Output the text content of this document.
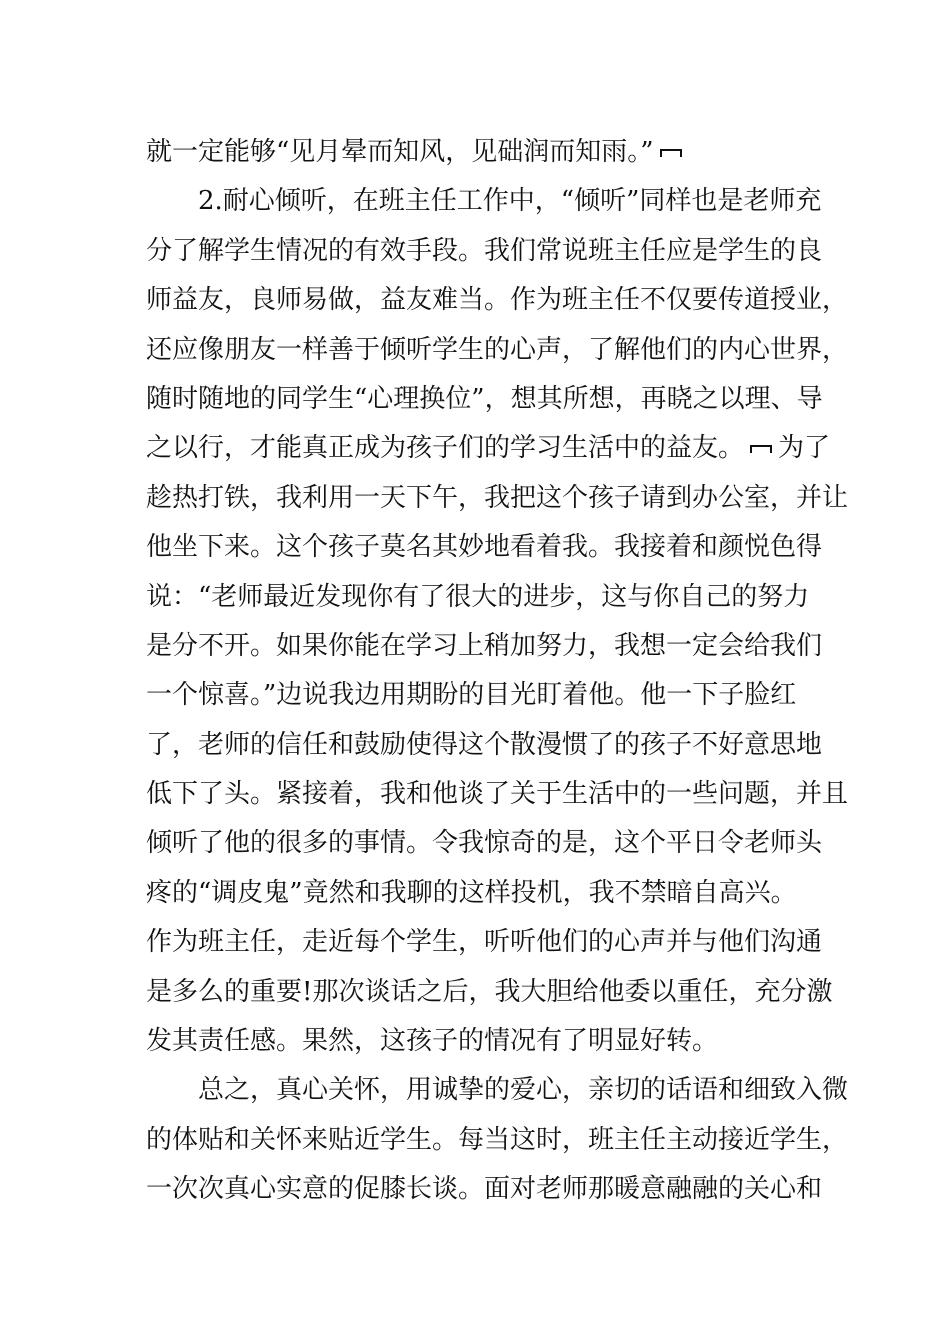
就一定能够“见月晕而知风，见础润而知雨。”
2.耐心倾听，在班主任工作中，“倾听”同样也是老师充
分了解学生情况的有效手段。我们常说班主任应是学生的良
师益友，良师易做，益友难当。作为班主任不仅要传道授业，
还应像朋友一样善于倾听学生的心声，了解他们的内心世界，
随时随地的同学生“心理换位”，想其所想，再晓之以理、导
之以行，才能真正成为孩子们的学习生活中的益友。 为了
趁热打铁，我利用一天下午，我把这个孩子请到办公室，并让
他坐下来。这个孩子莫名其妙地看着我。我接着和颜悦色得
说：“老师最近发现你有了很大的进步，这与你自己的努力
是分不开。如果你能在学习上稍加努力，我想一定会给我们
一个惊喜。”边说我边用期盼的目光盯着他。他一下子脸红
了，老师的信任和鼓励使得这个散漫惯了的孩子不好意思地
低下了头。紧接着，我和他谈了关于生活中的一些问题，并且
倾听了他的很多的事情。令我惊奇的是，这个平日令老师头
疼的“调皮鬼”竟然和我聊的这样投机，我不禁暗自高兴。
作为班主任，走近每个学生，听听他们的心声并与他们沟通
是多么的重要!那次谈话之后，我大胆给他委以重任，充分激
发其责任感。果然，这孩子的情况有了明显好转。
总之，真心关怀，用诚挚的爱心，亲切的话语和细致入微
的体贴和关怀来贴近学生。每当这时，班主任主动接近学生，
一次次真心实意的促膝长谈。面对老师那暖意融融的关心和
